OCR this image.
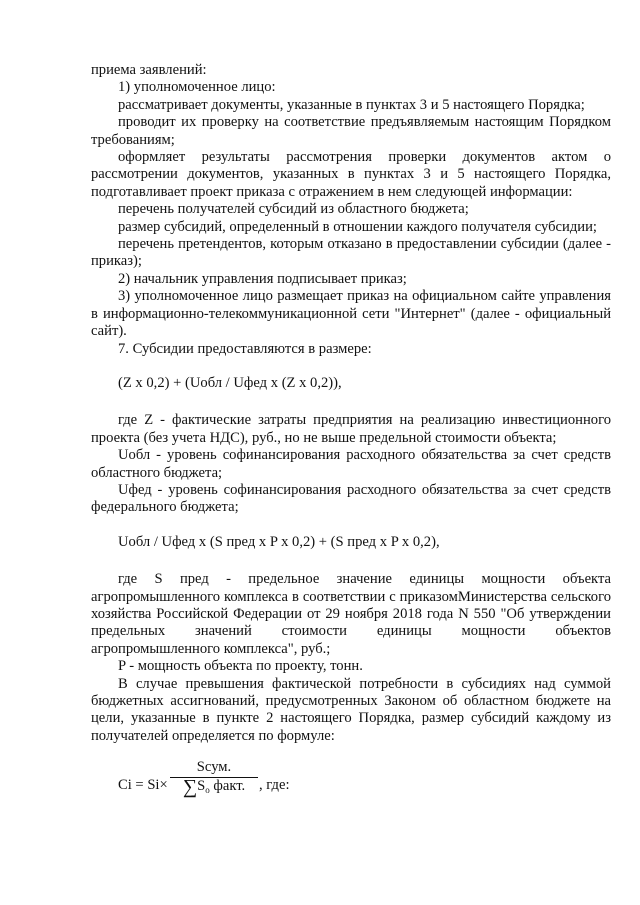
приема заявлений:

1) уполномоченное лицо:

рассматривает документы, указанные в пунктах 3 и 5 настоящего Порядка;

проводит их проверку на соответствие предъявляемым настоящим Порядком требованиям;

оформляет результаты рассмотрения проверки документов актом о рассмотрении документов, указанных в пунктах 3 и 5 настоящего Порядка, подготавливает проект приказа с отражением в нем следующей информации:

перечень получателей субсидий из областного бюджета;

размер субсидий, определенный в отношении каждого получателя субсидии;

перечень претендентов, которым отказано в предоставлении субсидии (далее - приказ);

2) начальник управления подписывает приказ;

3) уполномоченное лицо размещает приказ на официальном сайте управления в информационно-телекоммуникационной сети "Интернет" (далее - официальный сайт).

7. Субсидии предоставляются в размере:

(Z x 0,2) + (Uобл / Uфед x (Z x 0,2)),

где Z - фактические затраты предприятия на реализацию инвестиционного проекта (без учета НДС), руб., но не выше предельной стоимости объекта;

Uобл - уровень софинансирования расходного обязательства за счет средств областного бюджета;

Uфед - уровень софинансирования расходного обязательства за счет средств федерального бюджета;

Uобл / Uфед x (S пред x P x 0,2) + (S пред x P x 0,2),

где S пред - предельное значение единицы мощности объекта агропромышленного комплекса в соответствии с приказомМинистерства сельского хозяйства Российской Федерации от 29 ноября 2018 года N 550 "Об утверждении предельных значений стоимости единицы мощности объектов агропромышленного комплекса", руб.;

P - мощность объекта по проекту, тонн.

В случае превышения фактической потребности в субсидиях над суммой бюджетных ассигнований, предусмотренных Законом об областном бюджете на цели, указанные в пункте 2 настоящего Порядка, размер субсидий каждому из получателей определяется по формуле:

Ci = Si×
Sсум.
$\sum S_o$ факт. , где:
